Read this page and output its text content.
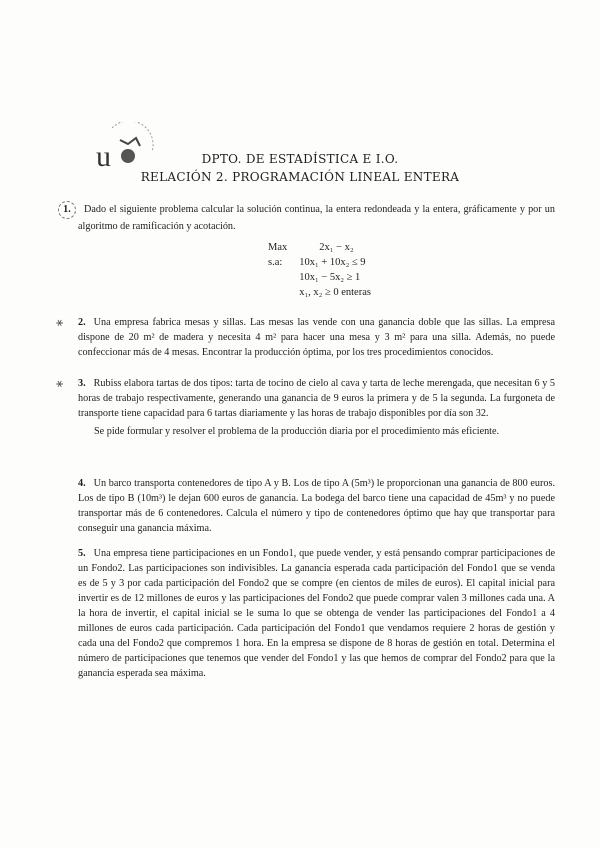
u	DPTO. DE ESTADÍSTICA E I.O.
RELACIÓN 2. PROGRAMACIÓN LINEAL ENTERA
1. Dado el siguiente problema calcular la solución continua, la entera redondeada y la entera, gráficamente y por un algoritmo de ramificación y acotación.
Max	2x₁ − x₂
s.a:	10x₁ + 10x₂ ≤ 9
	10x₁ − 5x₂ ≥ 1
	x₁, x₂ ≥ 0 enteras
⚹ 2. Una empresa fabrica mesas y sillas. Las mesas las vende con una ganancia doble que las sillas. La empresa dispone de 20 m² de madera y necesita 4 m² para hacer una mesa y 3 m² para una silla. Además, no puede confeccionar más de 4 mesas. Encontrar la producción óptima, por los tres procedimientos conocidos.
⚹ 3. Rubiss elabora tartas de dos tipos: tarta de tocino de cielo al cava y tarta de leche merengada, que necesitan 6 y 5 horas de trabajo respectivamente, generando una ganancia de 9 euros la primera y de 5 la segunda. La furgoneta de transporte tiene capacidad para 6 tartas diariamente y las horas de trabajo disponibles por día son 32.
Se pide formular y resolver el problema de la producción diaria por el procedimiento más eficiente.
4. Un barco transporta contenedores de tipo A y B. Los de tipo A (5m³) le proporcionan una ganancia de 800 euros. Los de tipo B (10m³) le dejan 600 euros de ganancia. La bodega del barco tiene una capacidad de 45m³ y no puede transportar más de 6 contenedores. Calcula el número y tipo de contenedores óptimo que hay que transportar para conseguir una ganancia máxima.
5. Una empresa tiene participaciones en un Fondo1, que puede vender, y está pensando comprar participaciones de un Fondo2. Las participaciones son indivisibles. La ganancia esperada cada participación del Fondo1 que se venda es de 5 y 3 por cada participación del Fondo2 que se compre (en cientos de miles de euros). El capital inicial para invertir es de 12 millones de euros y las participaciones del Fondo2 que puede comprar valen 3 millones cada una. A la hora de invertir, el capital inicial se le suma lo que se obtenga de vender las participaciones del Fondo1 a 4 millones de euros cada participación. Cada participación del Fondo1 que vendamos requiere 2 horas de gestión y cada una del Fondo2 que compremos 1 hora. En la empresa se dispone de 8 horas de gestión en total. Determina el número de participaciones que tenemos que vender del Fondo1 y las que hemos de comprar del Fondo2 para que la ganancia esperada sea máxima.
